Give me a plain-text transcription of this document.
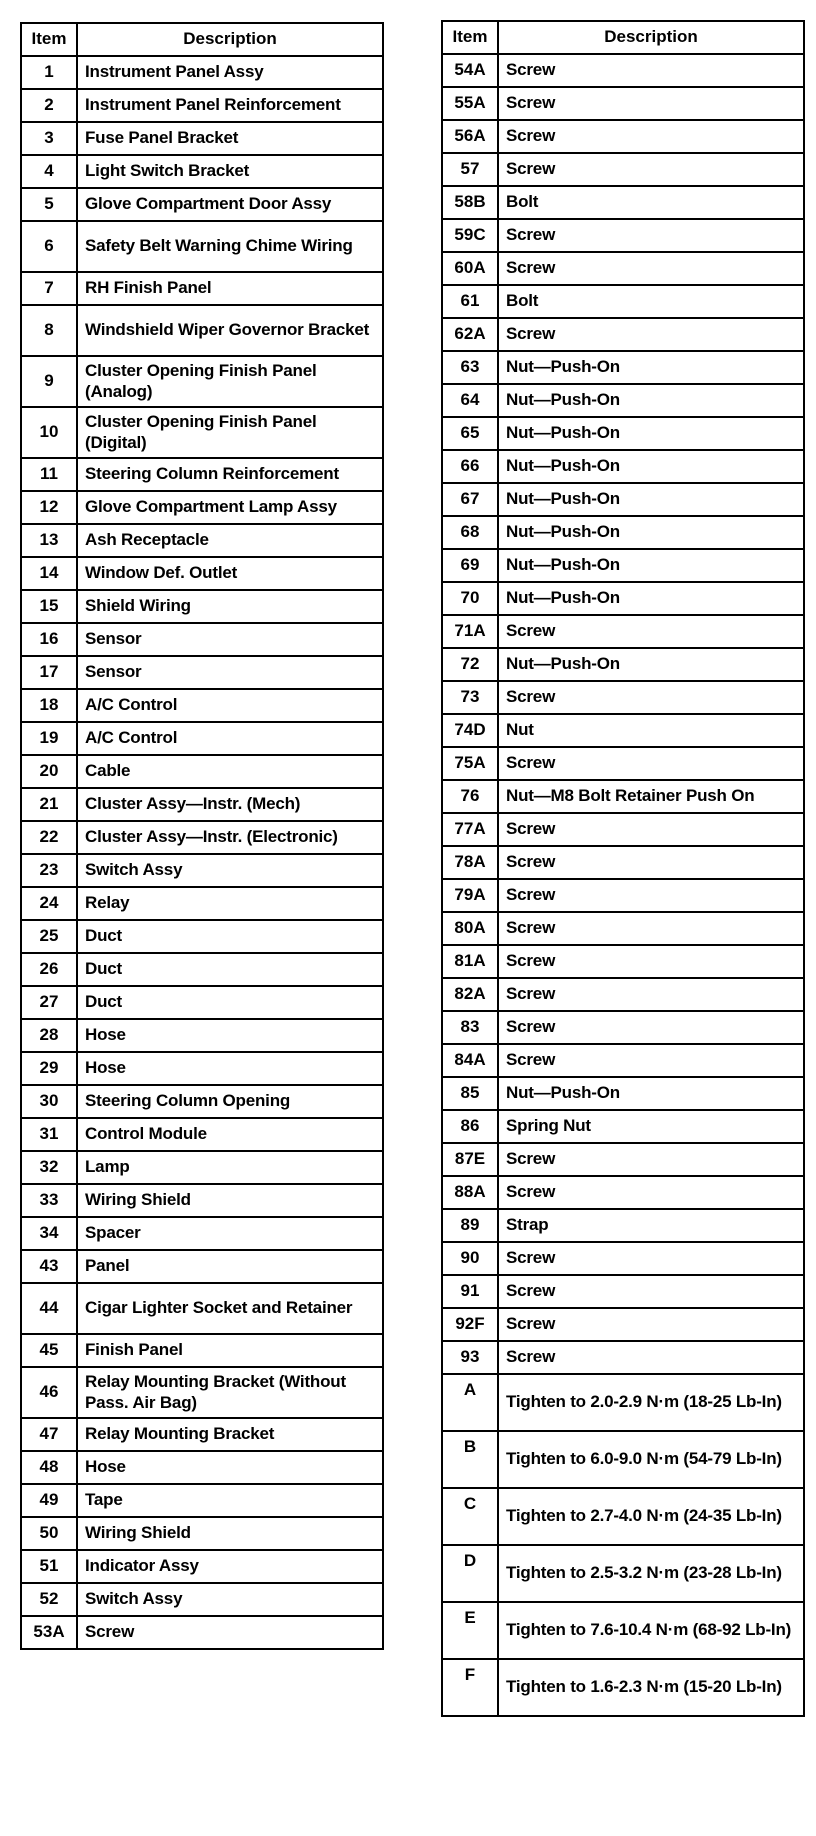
Item	Description
1	Instrument Panel Assy
2	Instrument Panel Reinforcement
3	Fuse Panel Bracket
4	Light Switch Bracket
5	Glove Compartment Door Assy
6	Safety Belt Warning Chime Wiring
7	RH Finish Panel
8	Windshield Wiper Governor Bracket
9	Cluster Opening Finish Panel (Analog)
10	Cluster Opening Finish Panel (Digital)
11	Steering Column Reinforcement
12	Glove Compartment Lamp Assy
13	Ash Receptacle
14	Window Def. Outlet
15	Shield Wiring
16	Sensor
17	Sensor
18	A/C Control
19	A/C Control
20	Cable
21	Cluster Assy—Instr. (Mech)
22	Cluster Assy—Instr. (Electronic)
23	Switch Assy
24	Relay
25	Duct
26	Duct
27	Duct
28	Hose
29	Hose
30	Steering Column Opening
31	Control Module
32	Lamp
33	Wiring Shield
34	Spacer
43	Panel
44	Cigar Lighter Socket and Retainer
45	Finish Panel
46	Relay Mounting Bracket (Without Pass. Air Bag)
47	Relay Mounting Bracket
48	Hose
49	Tape
50	Wiring Shield
51	Indicator Assy
52	Switch Assy
53A	Screw
Item	Description
54A	Screw
55A	Screw
56A	Screw
57	Screw
58B	Bolt
59C	Screw
60A	Screw
61	Bolt
62A	Screw
63	Nut—Push-On
64	Nut—Push-On
65	Nut—Push-On
66	Nut—Push-On
67	Nut—Push-On
68	Nut—Push-On
69	Nut—Push-On
70	Nut—Push-On
71A	Screw
72	Nut—Push-On
73	Screw
74D	Nut
75A	Screw
76	Nut—M8 Bolt Retainer Push On
77A	Screw
78A	Screw
79A	Screw
80A	Screw
81A	Screw
82A	Screw
83	Screw
84A	Screw
85	Nut—Push-On
86	Spring Nut
87E	Screw
88A	Screw
89	Strap
90	Screw
91	Screw
92F	Screw
93	Screw
A	Tighten to 2.0-2.9 N·m (18-25 Lb-In)
B	Tighten to 6.0-9.0 N·m (54-79 Lb-In)
C	Tighten to 2.7-4.0 N·m (24-35 Lb-In)
D	Tighten to 2.5-3.2 N·m (23-28 Lb-In)
E	Tighten to 7.6-10.4 N·m (68-92 Lb-In)
F	Tighten to 1.6-2.3 N·m (15-20 Lb-In)
